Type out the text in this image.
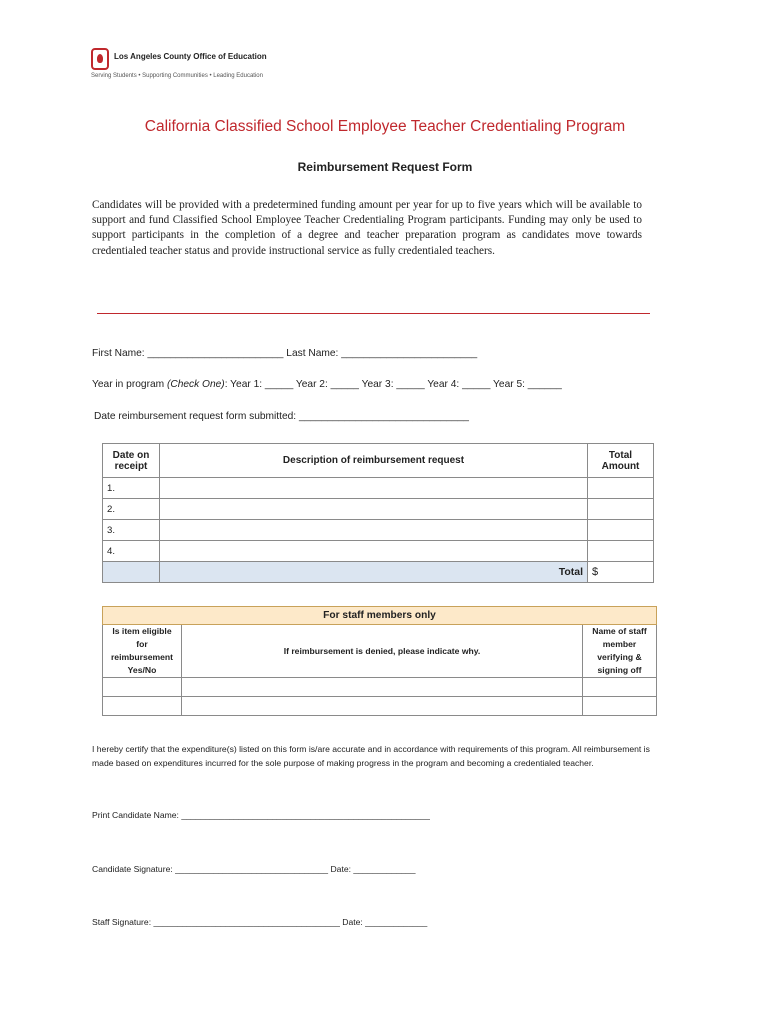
Los Angeles County Office of Education
Serving Students • Supporting Communities • Leading Education
California Classified School Employee Teacher Credentialing Program
Reimbursement Request Form
Candidates will be provided with a predetermined funding amount per year for up to five years which will be available to support and fund Classified School Employee Teacher Credentialing Program participants. Funding may only be used to support participants in the completion of a degree and teacher preparation program as candidates move towards credentialed teacher status and provide instructional service as fully credentialed teachers.
First Name: ________________________ Last Name: ________________________
Year in program (Check One): Year 1: _____ Year 2: _____ Year 3: _____ Year 4: _____ Year 5: ______
Date reimbursement request form submitted: ______________________________
Date on receipt	Description of reimbursement request	Total Amount
1.		
2.		
3.		
4.		
	Total	$
For staff members only		
Is item eligible for reimbursement Yes/No	If reimbursement is denied, please indicate why.	Name of staff member verifying & signing off

I hereby certify that the expenditure(s) listed on this form is/are accurate and in accordance with requirements of this program. All reimbursement is made based on expenditures incurred for the sole purpose of making progress in the program and becoming a credentialed teacher.
Print Candidate Name: ____________________________________________________
Candidate Signature: ________________________________ Date: _____________
Staff Signature: _______________________________________ Date: _____________
